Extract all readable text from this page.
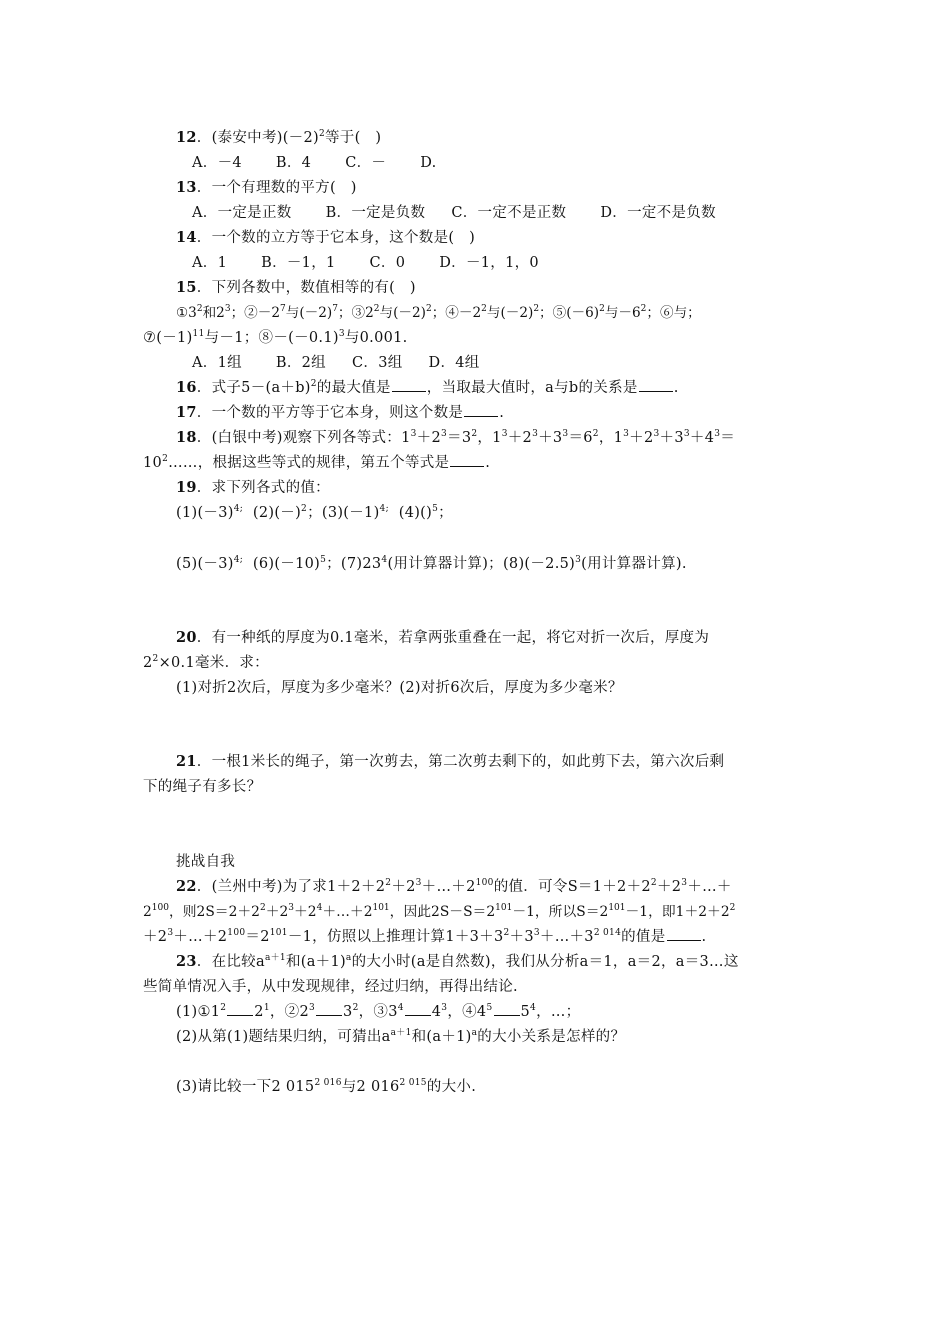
12．(泰安中考)$(-2)^2$等于(　)
A．－4 B．4 C．－ D.
13．一个有理数的平方(　)
A．一定是正数 B．一定是负数 C．一定不是正数 D．一定不是负数
14．一个数的立方等于它本身，这个数是(　)
A．1 B．－1，1 C．0 D．－1，1，0
15．下列各数中，数值相等的有(　)
$①3^2$和$2^3$；$②-2^7$与$(-2)^7$；$③2^2$与$(-2)^2$；$④-2^2$与$(-2)^2$；$⑤(-6)^2$与$-6^2$；⑥与；
$⑦(-1)^{11}$与－1；$⑧-(-0.1)^3$与0.001.
A．1组 B．2组 C．3组 D．4组
16．式子$5-(a+b)^2$的最大值是 ，当取最大值时，a与b的关系是 .
17．一个数的平方等于它本身，则这个数是 .
18．(白银中考)观察下列各等式：$1^3+2^3=3^2$，$1^3+2^3+3^3=6^2$，$1^3+2^3+3^3+4^3=$
$10^2\dots\dots$，根据这些等式的规律，第五个等式是 .
19．求下列各式的值：
$(1)(-3)^{4;}$ $(2)(-)^2$；$(3)(-1)^{4;}$ (4)()$^5$；
$(5)(-3)^{4;}$ $(6)(-10)^5$；$(7)23^4$(用计算器计算)；$(8)(-2.5)^3$(用计算器计算).
20．有一种纸的厚度为0.1毫米，若拿两张重叠在一起，将它对折一次后，厚度为
$2^2\times 0.1$毫米．求：
(1)对折2次后，厚度为多少毫米？(2)对折6次后，厚度为多少毫米？
21．一根1米长的绳子，第一次剪去，第二次剪去剩下的，如此剪下去，第六次后剩
下的绳子有多长？
挑战自我
22．(兰州中考)为了求$1+2+2^2+2^3+\dots+2^{100}$的值．可令$S=1+2+2^2+2^3+\dots+$
$2^{100}$，则$2S=2+2^2+2^3+2^4+\dots+2^{101}$，因此$2S-S=2^{101}-1$，所以$S=2^{101}-1$，即$1+2+2^2$
$+2^3+\dots+2^{100}=2^{101}-1$，仿照以上推理计算$1+3+3^2+3^3+\dots+3^{2 014}$的值是 .
23．在比较$a^{a+1}$和$(a+1)^a$的大小时(a是自然数)，我们从分析a＝1，a＝2，a＝3…这
些简单情况入手，从中发现规律，经过归纳，再得出结论.
$(1)①1^2$ $2^1$，$②2^3$ $3^2$，$③3^4$ $4^3$，$④4^5$ $5^4$，…；
(2)从第(1)题结果归纳，可猜出$a^{a+1}$和$(a+1)^a$的大小关系是怎样的？
(3)请比较一下2 $015^{2 016}$与2 $016^{2 015}$的大小.
